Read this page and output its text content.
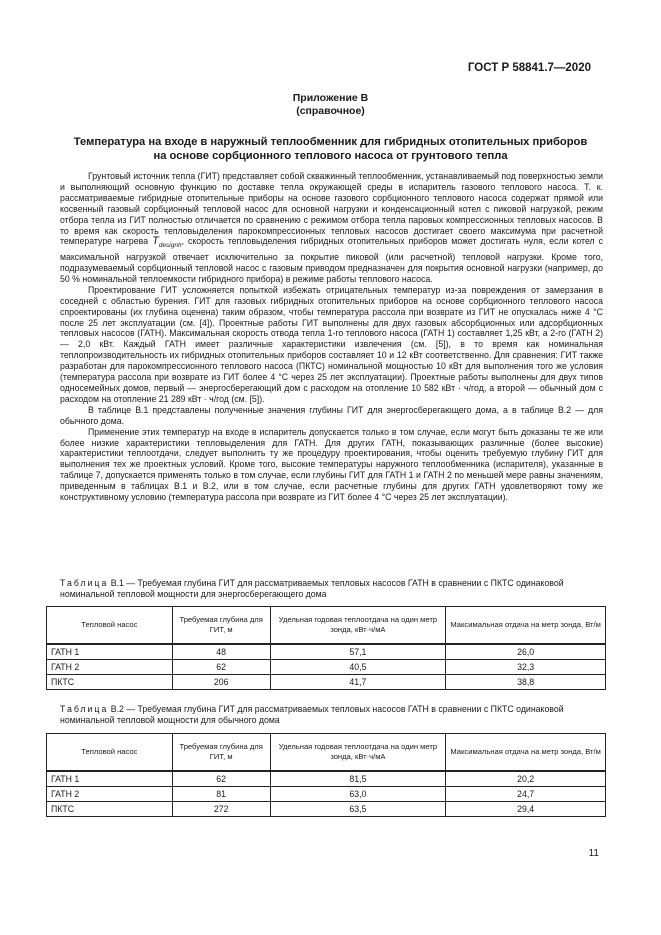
ГОСТ Р 58841.7—2020
Приложение В
(справочное)
Температура на входе в наружный теплообменник для гибридных отопительных приборов
на основе сорбционного теплового насоса от грунтового тепла

Грунтовый источник тепла (ГИТ) представляет собой скважинный теплообменник, устанавливаемый под поверхностью земли и выполняющий основную функцию по доставке тепла окружающей среды в испаритель газового теплового насоса. Т. к. рассматриваемые гибридные отопительные приборы на основе газового сорбционного теплового насоса содержат прямой или косвенный газовый сорбционный тепловой насос для основной нагрузки и конденсационный котел с пиковой нагрузкой, режим отбора тепла из ГИТ полностью отличается по сравнению с режимом отбора тепла паровых компрессионных тепловых насосов. В то время как скорость тепловыделения парокомпрессионных тепловых насосов достигает своего максимума при расчетной температуре нагрева $T_{designh}$, скорость тепловыделения гибридных отопительных приборов может достигать нуля, если котел с максимальной нагрузкой отвечает исключительно за покрытие пиковой (или расчетной) тепловой нагрузки. Кроме того, подразумеваемый сорбционный тепловой насос с газовым приводом предназначен для покрытия основной нагрузки (например, до 50 % номинальной теплоемкости гибридного прибора) в режиме работы теплового насоса.

Проектирование ГИТ усложняется попыткой избежать отрицательных температур из-за повреждения от замерзания в соседней с областью бурения. ГИТ для газовых гибридных отопительных приборов на основе сорбционного теплового насоса спроектированы (их глубина оценена) таким образом, чтобы температура рассола при возврате из ГИТ не опускалась ниже 4 °С после 25 лет эксплуатации (см. [4]). Проектные работы ГИТ выполнены для двух газовых абсорбционных или адсорбционных тепловых насосов (ГАТН). Максимальная скорость отвода тепла 1-го теплового насоса (ГАТН 1) составляет 1,25 кВт, а 2-го (ГАТН 2) — 2,0 кВт. Каждый ГАТН имеет различные характеристики извлечения (см. [5]), в то время как номинальная теплопроизводительность их гибридных отопительных приборов составляет 10 и 12 кВт соответственно. Для сравнения: ГИТ также разработан для парокомпрессионного теплового насоса (ПКТС) номинальной мощностью 10 кВт для выполнения того же условия (температура рассола при возврате из ГИТ более 4 °С через 25 лет эксплуатации). Проектные работы выполнены для двух типов односемейных домов, первый — энергосберегающий дом с расходом на отопление 10 582 кВт · ч/год, а второй — обычный дом с расходом на отопление 21 289 кВт · ч/год (см. [5]).

В таблице В.1 представлены полученные значения глубины ГИТ для энергосберегающего дома, а в таблице В.2 — для обычного дома.

Применение этих температур на входе в испаритель допускается только в том случае, если могут быть доказаны те же или более низкие характеристики тепловыделения для ГАТН. Для других ГАТН, показывающих различные (более высокие) характеристики теплоотдачи, следует выполнить ту же процедуру проектирования, чтобы оценить требуемую глубину ГИТ для выполнения тех же проектных условий. Кроме того, высокие температуры наружного теплообменника (испарителя), указанные в таблице 7, допускается применять только в том случае, если глубины ГИТ для ГАТН 1 и ГАТН 2 по меньшей мере равны значениям, приведенным в таблицах В.1 и В.2, или в том случае, если расчетные глубины для других ГАТН удовлетворяют тому же конструктивному условию (температура рассола при возврате из ГИТ более 4 °С через 25 лет эксплуатации).

Таблица В.1 — Требуемая глубина ГИТ для рассматриваемых тепловых насосов ГАТН в сравнении с ПКТС одинаковой номинальной тепловой мощности для энергосберегающего дома
Тепловой насос	Требуемая глубина для ГИТ, м	Удельная годовая теплоотдача на один метр зонда, кВт·ч/мА	Максимальная отдача на метр зонда, Вт/м
ГАТН 1	48	57,1	26,0
ГАТН 2	62	40,5	32,3
ПКТС	206	41,7	38,8
Таблица В.2 — Требуемая глубина ГИТ для рассматриваемых тепловых насосов ГАТН в сравнении с ПКТС одинаковой номинальной тепловой мощности для обычного дома
Тепловой насос	Требуемая глубина для ГИТ, м	Удельная годовая теплоотдача на один метр зонда, кВт·ч/мА	Максимальная отдача на метр зонда, Вт/м
ГАТН 1	62	81,5	20,2
ГАТН 2	81	63,0	24,7
ПКТС	272	63,5	29,4
11
